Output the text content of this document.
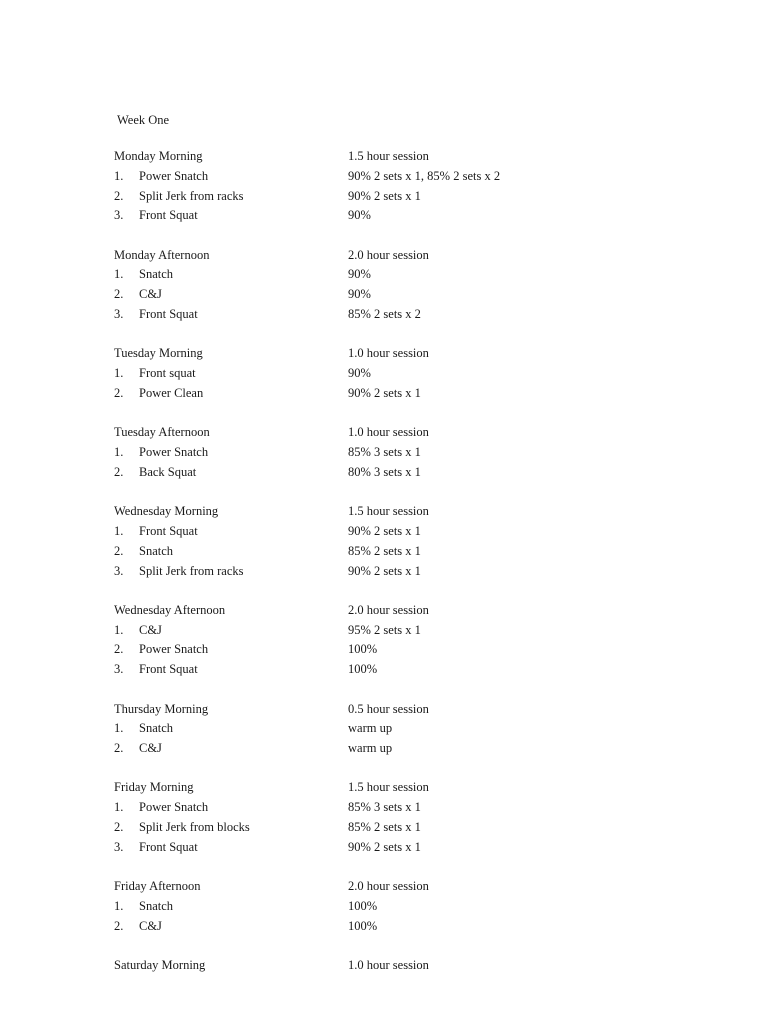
Week One
Monday Morning	1.5 hour session
1. Power Snatch	90% 2 sets x 1, 85% 2 sets x 2
2. Split Jerk from racks	90% 2 sets x 1
3. Front Squat	90%
Monday Afternoon	2.0 hour session
1. Snatch	90%
2. C&J	90%
3. Front Squat	85% 2 sets x 2
Tuesday Morning	1.0 hour session
1. Front squat	90%
2. Power Clean	90% 2 sets x 1
Tuesday Afternoon	1.0 hour session
1. Power Snatch	85% 3 sets x 1
2. Back Squat	80% 3 sets x 1
Wednesday Morning	1.5 hour session
1. Front Squat	90% 2 sets x 1
2. Snatch	85% 2 sets x 1
3. Split Jerk from racks	90% 2 sets x 1
Wednesday Afternoon	2.0 hour session
1. C&J	95% 2 sets x 1
2. Power Snatch	100%
3. Front Squat	100%
Thursday Morning	0.5 hour session
1. Snatch	warm up
2. C&J	warm up
Friday Morning	1.5 hour session
1. Power Snatch	85% 3 sets x 1
2. Split Jerk from blocks	85% 2 sets x 1
3. Front Squat	90% 2 sets x 1
Friday Afternoon	2.0 hour session
1. Snatch	100%
2. C&J	100%
Saturday Morning	1.0 hour session
